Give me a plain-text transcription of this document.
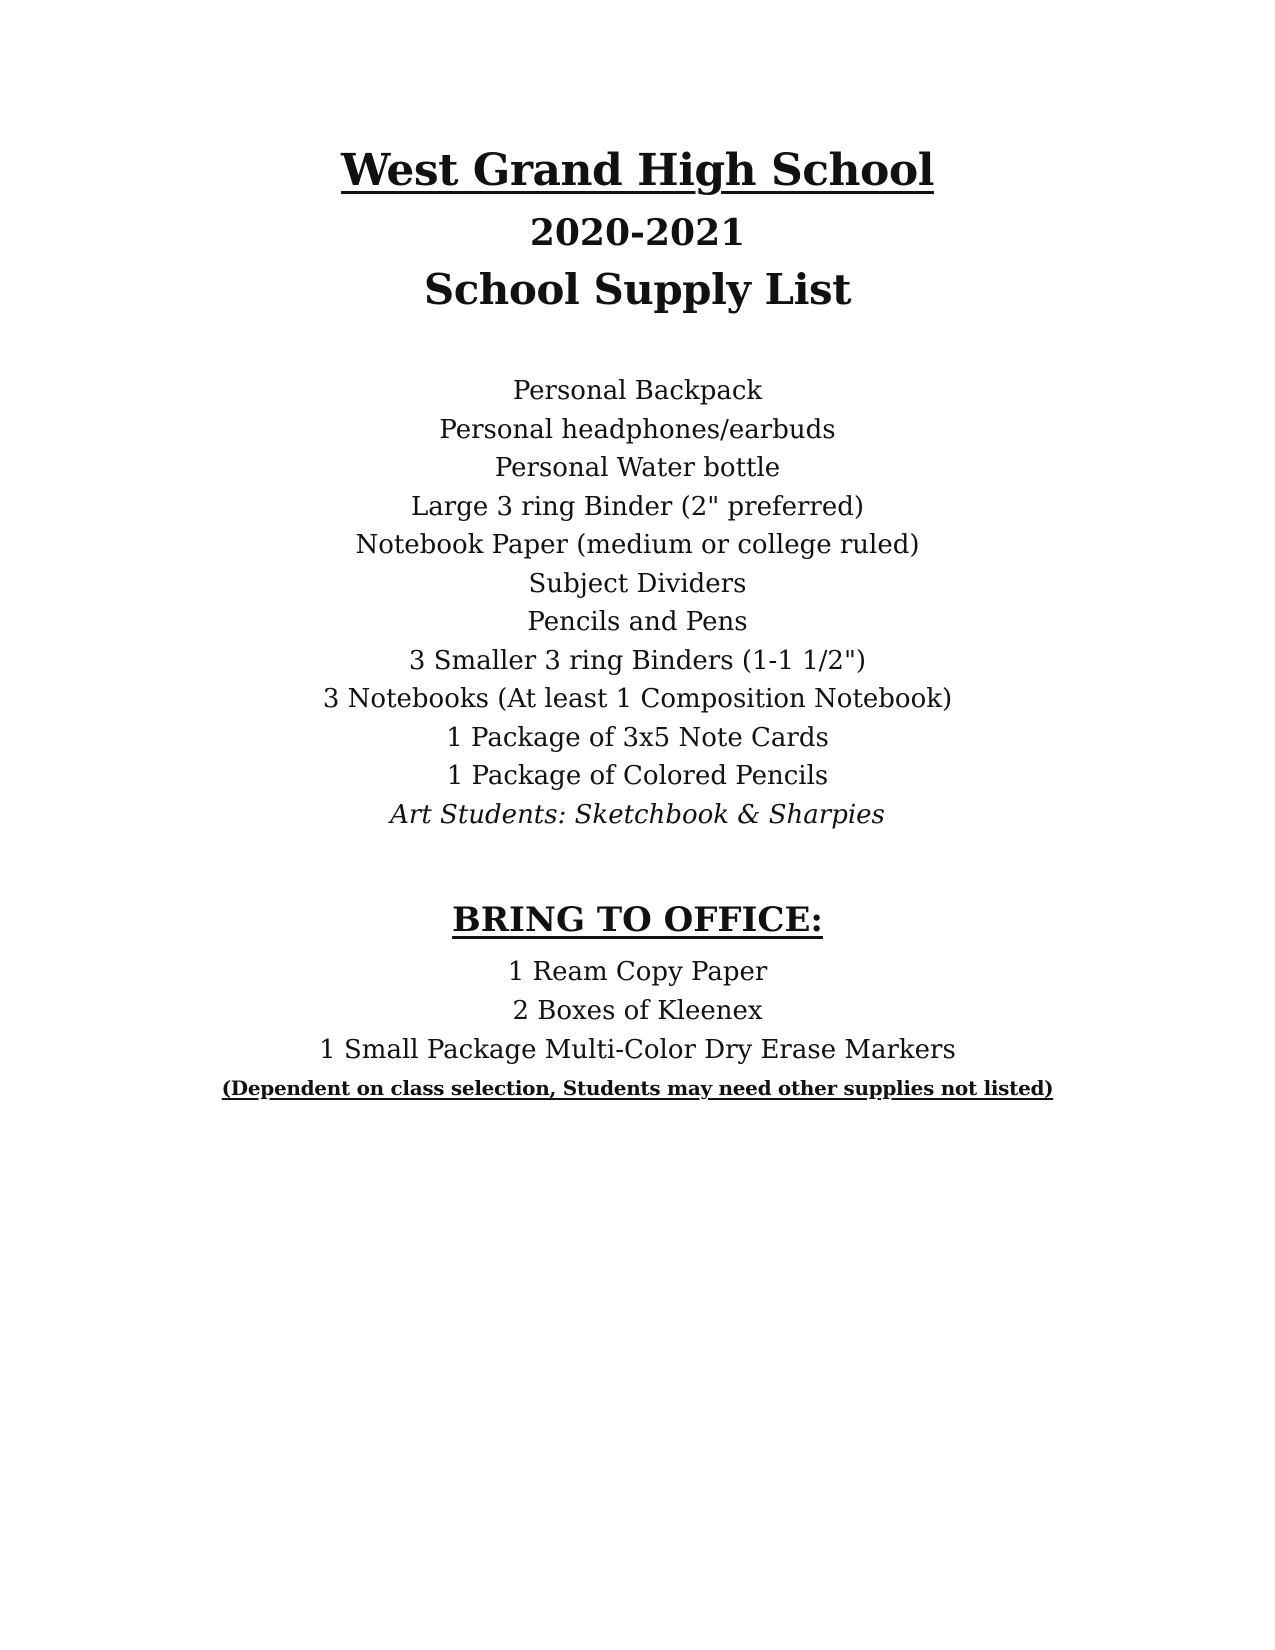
West Grand High School
2020-2021
School Supply List
Personal Backpack
Personal headphones/earbuds
Personal Water bottle
Large 3 ring Binder (2" preferred)
Notebook Paper (medium or college ruled)
Subject Dividers
Pencils and Pens
3 Smaller 3 ring Binders (1-1 1/2")
3 Notebooks (At least 1 Composition Notebook)
1 Package of 3x5 Note Cards
1 Package of Colored Pencils
Art Students: Sketchbook & Sharpies
BRING TO OFFICE:
1 Ream Copy Paper
2 Boxes of Kleenex
1 Small Package Multi-Color Dry Erase Markers
(Dependent on class selection, Students may need other supplies not listed)
